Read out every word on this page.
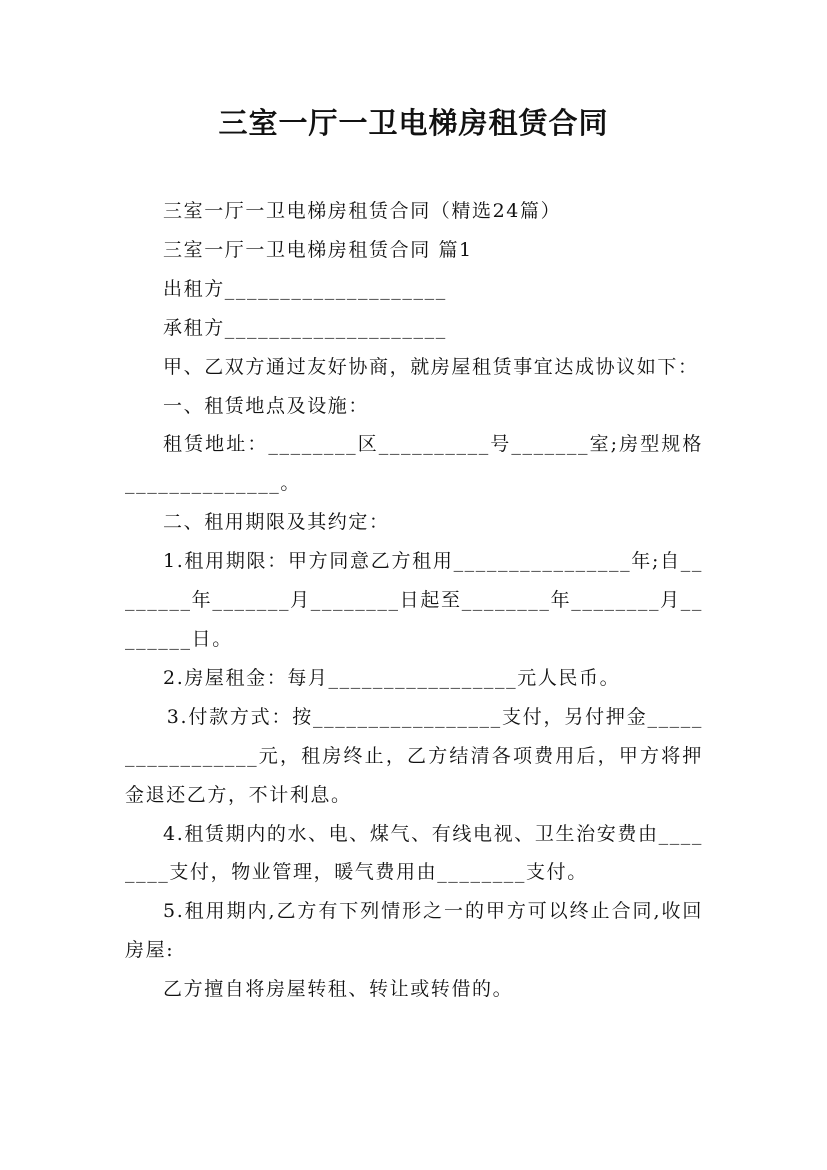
三室一厅一卫电梯房租赁合同

三室一厅一卫电梯房租赁合同（精选24篇）

三室一厅一卫电梯房租赁合同 篇1

出租方____________________

承租方____________________

甲、乙双方通过友好协商，就房屋租赁事宜达成协议如下：

一、租赁地点及设施：

租赁地址：________区__________号_______室;房型规格______________。

二、租用期限及其约定：

1.租用期限：甲方同意乙方租用________________年;自________年_______月________日起至________年________月________日。

2.房屋租金：每月_________________元人民币。

3.付款方式：按_________________支付，另付押金_________________元，租房终止，乙方结清各项费用后，甲方将押金退还乙方，不计利息。

4.租赁期内的水、电、煤气、有线电视、卫生治安费由________支付，物业管理，暖气费用由________支付。

5.租用期内,乙方有下列情形之一的甲方可以终止合同,收回房屋:

乙方擅自将房屋转租、转让或转借的。
